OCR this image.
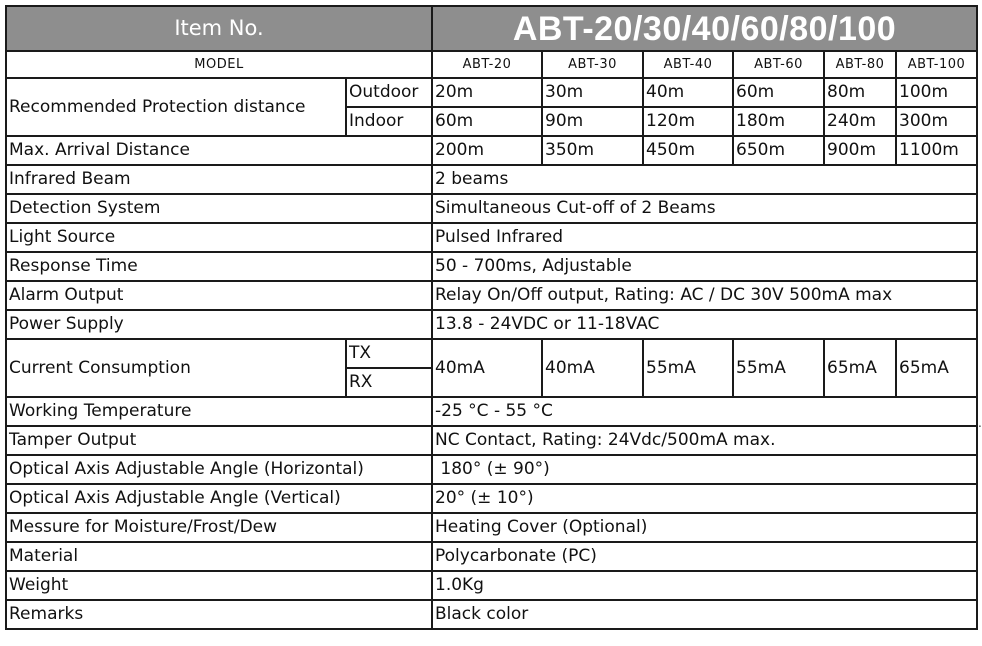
Item No.		ABT-20/30/40/60/80/100					
MODEL		ABT-20	ABT-30	ABT-40	ABT-60	ABT-80	ABT-100
Recommended Protection distance	Outdoor	20m	30m	40m	60m	80m	100m
	Indoor	60m	90m	120m	180m	240m	300m
Max. Arrival Distance		200m	350m	450m	650m	900m	1100m
Infrared Beam		2 beams					
Detection System		Simultaneous Cut-off of 2 Beams					
Light Source		Pulsed Infrared					
Response Time		50 - 700ms, Adjustable					
Alarm Output		Relay On/Off output, Rating: AC / DC 30V 500mA max					
Power Supply		13.8 - 24VDC or 11-18VAC					
Current Consumption	TX	40mA	40mA	55mA	55mA	65mA	65mA
	RX						
Working Temperature		-25 °C - 55 °C					
Tamper Output		NC Contact, Rating: 24Vdc/500mA max.					
Optical Axis Adjustable Angle (Horizontal)		180° (± 90°)					
Optical Axis Adjustable Angle (Vertical)		20° (± 10°)					
Messure for Moisture/Frost/Dew		Heating Cover (Optional)					
Material		Polycarbonate (PC)					
Weight		1.0Kg					
Remarks		Black color					
.
